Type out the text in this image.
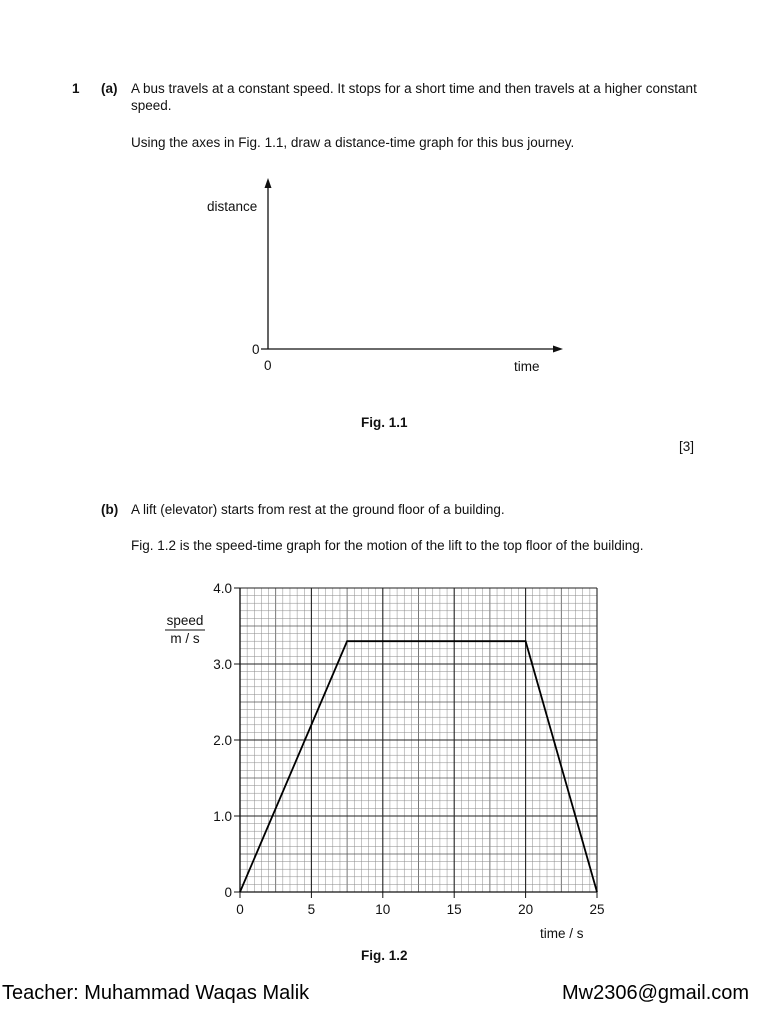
1 (a) A bus travels at a constant speed. It stops for a short time and then travels at a higher constant
speed.
Using the axes in Fig. 1.1, draw a distance-time graph for this bus journey.
distance
0
0	time
Fig. 1.1
[3]
(b) A lift (elevator) starts from rest at the ground floor of a building.
Fig. 1.2 is the speed-time graph for the motion of the lift to the top floor of the building.
0	5	10	15	20	25
0
1.0
2.0
3.0
4.0
speed
m / s
time / s
Fig. 1.2
Teacher: Muhammad Waqas Malik	Mw2306@gmail.com
